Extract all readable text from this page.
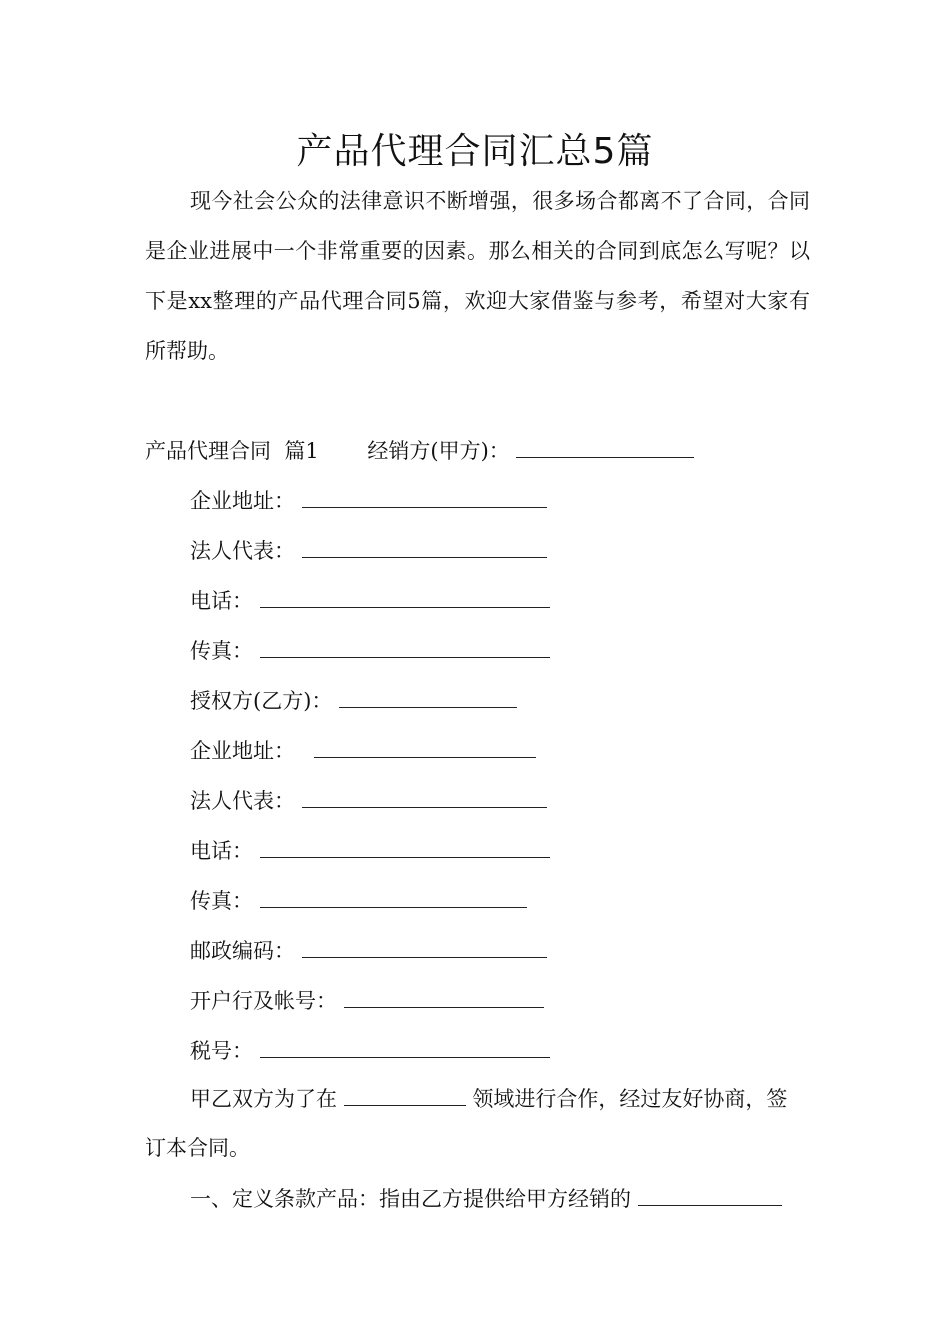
产品代理合同汇总5篇

现今社会公众的法律意识不断增强，很多场合都离不了合同，合同是企业进展中一个非常重要的因素。那么相关的合同到底怎么写呢？以下是xx整理的产品代理合同5篇，欢迎大家借鉴与参考，希望对大家有所帮助。

产品代理合同  篇1 经销方(甲方)：
企业地址：
法人代表：
电话：
传真：
授权方(乙方)：
企业地址：
法人代表：
电话：
传真：
邮政编码：
开户行及帐号：
税号：
甲乙双方为了在	领域进行合作，经过友好协商，签
订本合同。
一、定义条款产品：指由乙方提供给甲方经销的
